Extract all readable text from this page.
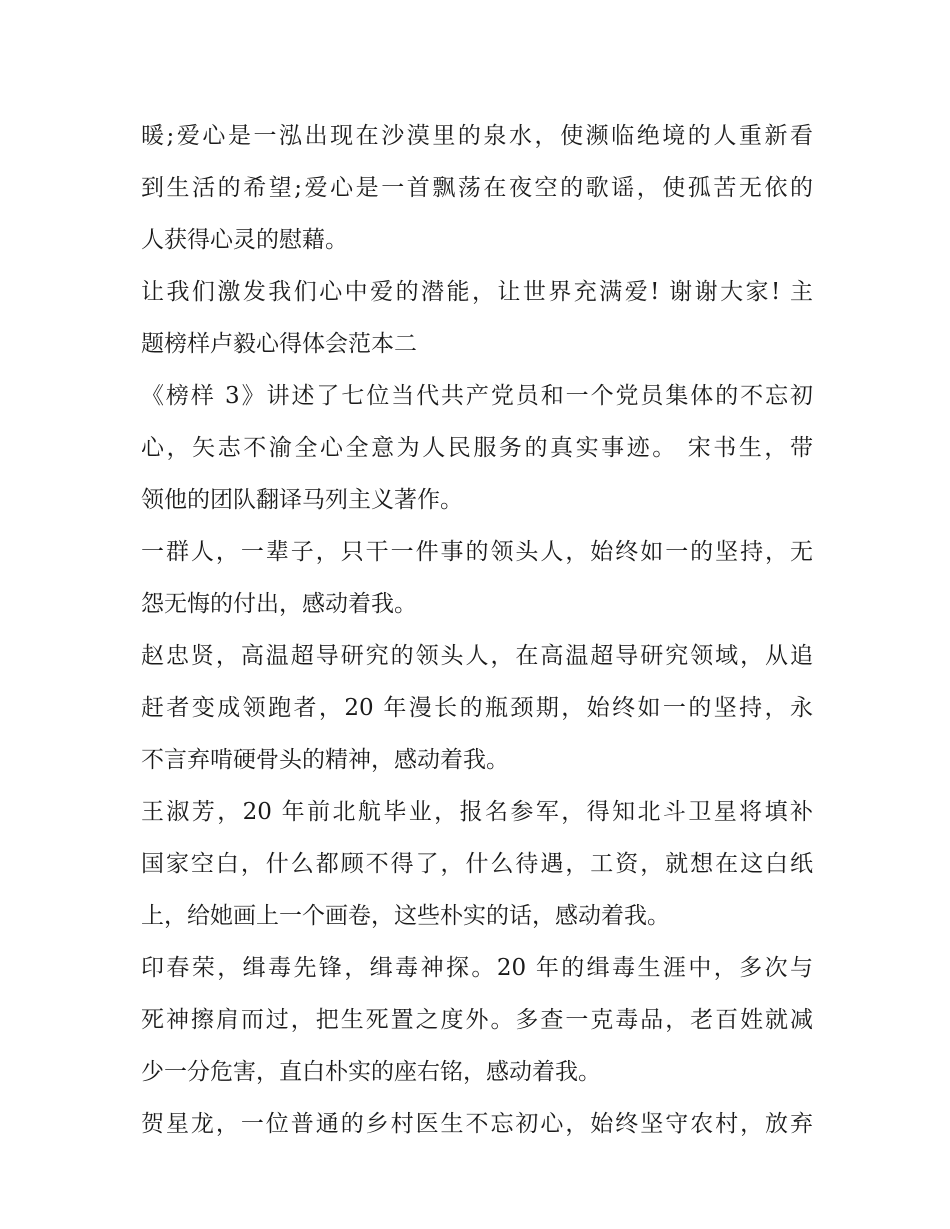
暖;爱心是一泓出现在沙漠里的泉水，使濒临绝境的人重新看
到生活的希望;爱心是一首飘荡在夜空的歌谣，使孤苦无依的
人获得心灵的慰藉。
让我们激发我们心中爱的潜能，让世界充满爱! 谢谢大家! 主
题榜样卢毅心得体会范本二
《榜样 3》讲述了七位当代共产党员和一个党员集体的不忘初
心，矢志不渝全心全意为人民服务的真实事迹。 宋书生，带
领他的团队翻译马列主义著作。
一群人，一辈子，只干一件事的领头人，始终如一的坚持，无
怨无悔的付出，感动着我。
赵忠贤，高温超导研究的领头人，在高温超导研究领域，从追
赶者变成领跑者，20 年漫长的瓶颈期，始终如一的坚持，永
不言弃啃硬骨头的精神，感动着我。
王淑芳，20 年前北航毕业，报名参军，得知北斗卫星将填补
国家空白，什么都顾不得了，什么待遇，工资，就想在这白纸
上，给她画上一个画卷，这些朴实的话，感动着我。
印春荣，缉毒先锋，缉毒神探。20 年的缉毒生涯中，多次与
死神擦肩而过，把生死置之度外。多查一克毒品，老百姓就减
少一分危害，直白朴实的座右铭，感动着我。
贺星龙，一位普通的乡村医生不忘初心，始终坚守农村，放弃
